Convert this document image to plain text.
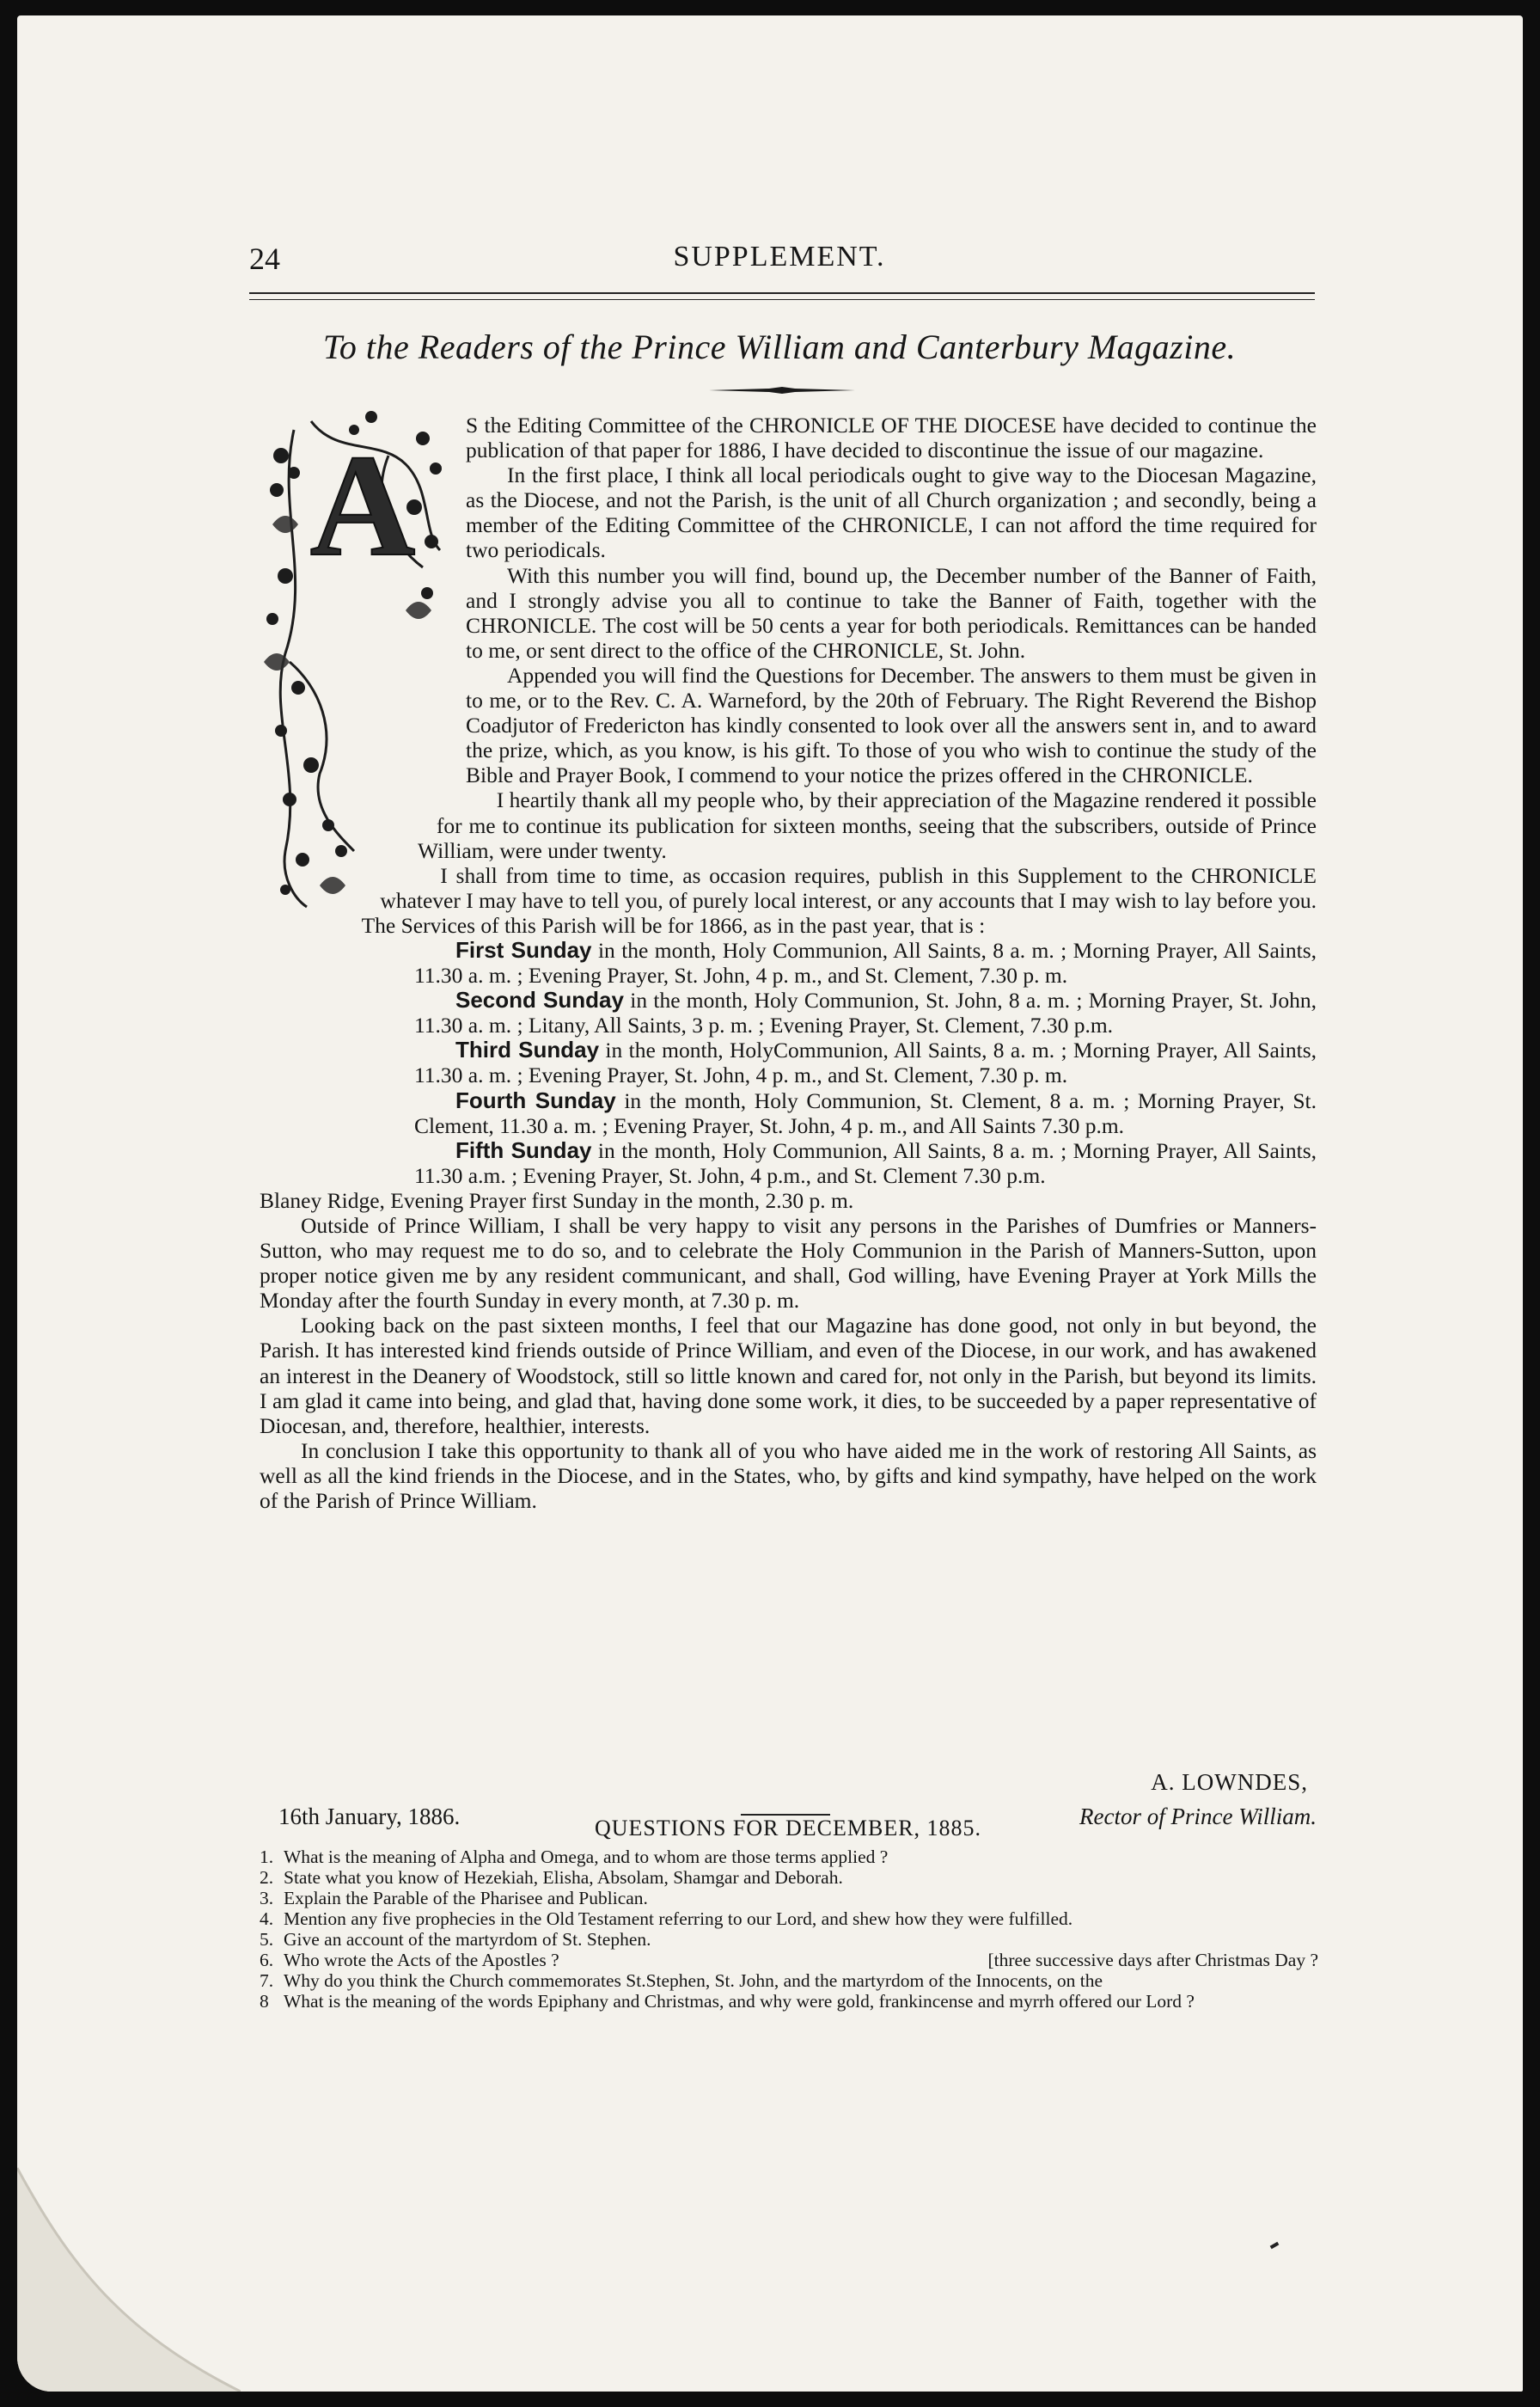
24	SUPPLEMENT.
To the Readers of the Prince William and Canterbury Magazine.
A	S the Editing Committee of the CHRONICLE OF THE DIOCESE have decided to continue the publication of that paper for 1886, I have decided to discontinue the issue of our magazine.

In the first place, I think all local periodicals ought to give way to the Diocesan Magazine, as the Diocese, and not the Parish, is the unit of all Church organization ; and secondly, being a member of the Editing Committee of the CHRONICLE, I can not afford the time required for two periodicals.

With this number you will find, bound up, the December number of the Banner of Faith, and I strongly advise you all to continue to take the Banner of Faith, together with the CHRONICLE. The cost will be 50 cents a year for both periodicals. Remittances can be handed to me, or sent direct to the office of the CHRONICLE, St. John.

Appended you will find the Questions for December. The answers to them must be given in to me, or to the Rev. C. A. Warneford, by the 20th of February. The Right Reverend the Bishop Coadjutor of Fredericton has kindly consented to look over all the answers sent in, and to award the prize, which, as you know, is his gift. To those of you who wish to continue the study of the Bible and Prayer Book, I commend to your notice the prizes offered in the CHRONICLE.

I heartily thank all my people who, by their appreciation of the Magazine rendered it possible for me to continue its publication for sixteen months, seeing that the subscribers, outside of Prince William, were under twenty.

I shall from time to time, as occasion requires, publish in this Supplement to the CHRONICLE whatever I may have to tell you, of purely local interest, or any accounts that I may wish to lay before you. The Services of this Parish will be for 1866, as in the past year, that is :

First Sunday in the month, Holy Communion, All Saints, 8 a. m. ; Morning Prayer, All Saints, 11.30 a. m. ; Evening Prayer, St. John, 4 p. m., and St. Clement, 7.30 p. m.

Second Sunday in the month, Holy Communion, St. John, 8 a. m. ; Morning Prayer, St. John, 11.30 a. m. ; Litany, All Saints, 3 p. m. ; Evening Prayer, St. Clement, 7.30 p.m.

Third Sunday in the month, HolyCommunion, All Saints, 8 a. m. ; Morning Prayer, All Saints, 11.30 a. m. ; Evening Prayer, St. John, 4 p. m., and St. Clement, 7.30 p. m.

Fourth Sunday in the month, Holy Communion, St. Clement, 8 a. m. ; Morning Prayer, St. Clement, 11.30 a. m. ; Evening Prayer, St. John, 4 p. m., and All Saints 7.30 p.m.

Fifth Sunday in the month, Holy Communion, All Saints, 8 a. m. ; Morning Prayer, All Saints, 11.30 a.m. ; Evening Prayer, St. John, 4 p.m., and St. Clement 7.30 p.m.

Blaney Ridge, Evening Prayer first Sunday in the month, 2.30 p. m.

Outside of Prince William, I shall be very happy to visit any persons in the Parishes of Dumfries or Manners-Sutton, who may request me to do so, and to celebrate the Holy Communion in the Parish of Manners-Sutton, upon proper notice given me by any resident communicant, and shall, God willing, have Evening Prayer at York Mills the Monday after the fourth Sunday in every month, at 7.30 p. m.

Looking back on the past sixteen months, I feel that our Magazine has done good, not only in but beyond, the Parish. It has interested kind friends outside of Prince William, and even of the Diocese, in our work, and has awakened an interest in the Deanery of Woodstock, still so little known and cared for, not only in the Parish, but beyond its limits. I am glad it came into being, and glad that, having done some work, it dies, to be succeeded by a paper representative of Diocesan, and, therefore, healthier, interests.

In conclusion I take this opportunity to thank all of you who have aided me in the work of restoring All Saints, as well as all the kind friends in the Diocese, and in the States, who, by gifts and kind sympathy, have helped on the work of the Parish of Prince William.

A. LOWNDES,
16th January, 1886.	Rector of Prince William.
QUESTIONS FOR DECEMBER, 1885.
1. What is the meaning of Alpha and Omega, and to whom are those terms applied ?
2. State what you know of Hezekiah, Elisha, Absolam, Shamgar and Deborah.
3. Explain the Parable of the Pharisee and Publican.
4. Mention any five prophecies in the Old Testament referring to our Lord, and shew how they were fulfilled.
5. Give an account of the martyrdom of St. Stephen.
6. Who wrote the Acts of the Apostles ?	[three successive days after Christmas Day ?
7. Why do you think the Church commemorates St.Stephen, St. John, and the martyrdom of the Innocents, on the
8 What is the meaning of the words Epiphany and Christmas, and why were gold, frankincense and myrrh offered our Lord ?
